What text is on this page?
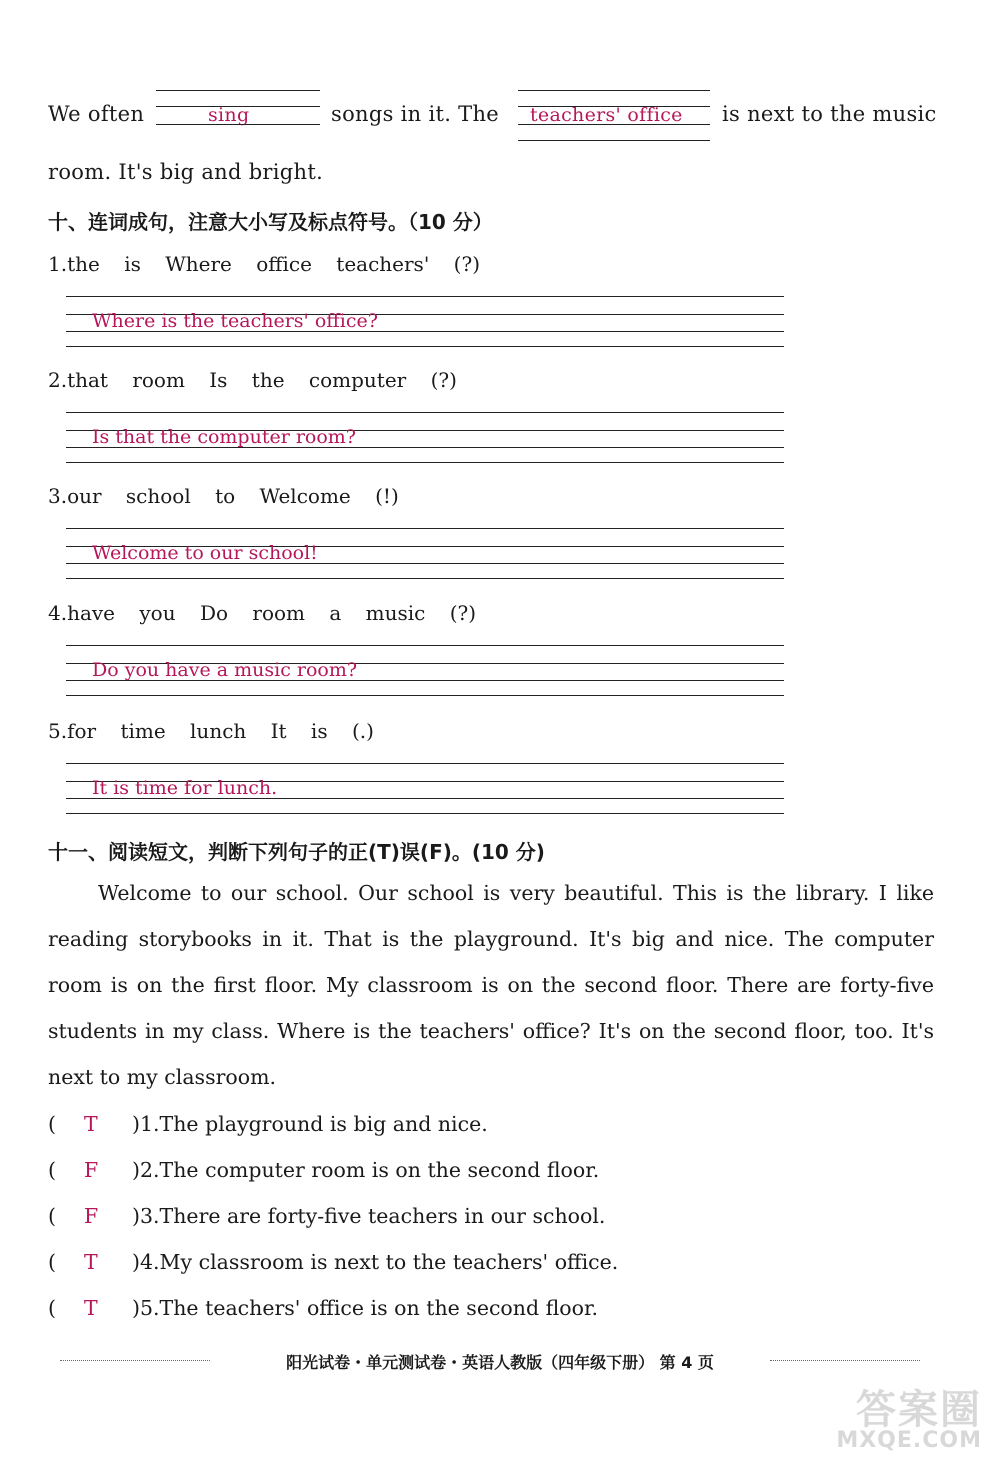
We often	sing	songs in it. The teachers' office is next to the music
room. It's big and bright.
十、连词成句，注意大小写及标点符号。（10 分）
1.the is Where office teachers' (?)
Where is the teachers' office?
2.that room Is the computer (?)
Is that the computer room?
3.our school to Welcome (!)
Welcome to our school!
4.have you Do room a music (?)
Do you have a music room?
5.for time lunch It is (.)
It is time for lunch.
十一、阅读短文，判断下列句子的正(T)误(F)。(10 分)
Welcome to our school. Our school is very beautiful. This is the library. I like reading storybooks in it. That is the playground. It's big and nice. The computer room is on the first floor. My classroom is on the second floor. There are forty-five students in my class. Where is the teachers' office? It's on the second floor, too. It's next to my classroom.
( T )1.The playground is big and nice.
( F )2.The computer room is on the second floor.
( F )3.There are forty-five teachers in our school.
( T )4.My classroom is next to the teachers' office.
( T )5.The teachers' office is on the second floor.
阳光试卷・单元测试卷・英语人教版（四年级下册） 第 4 页
答案圈
MXQE.COM
